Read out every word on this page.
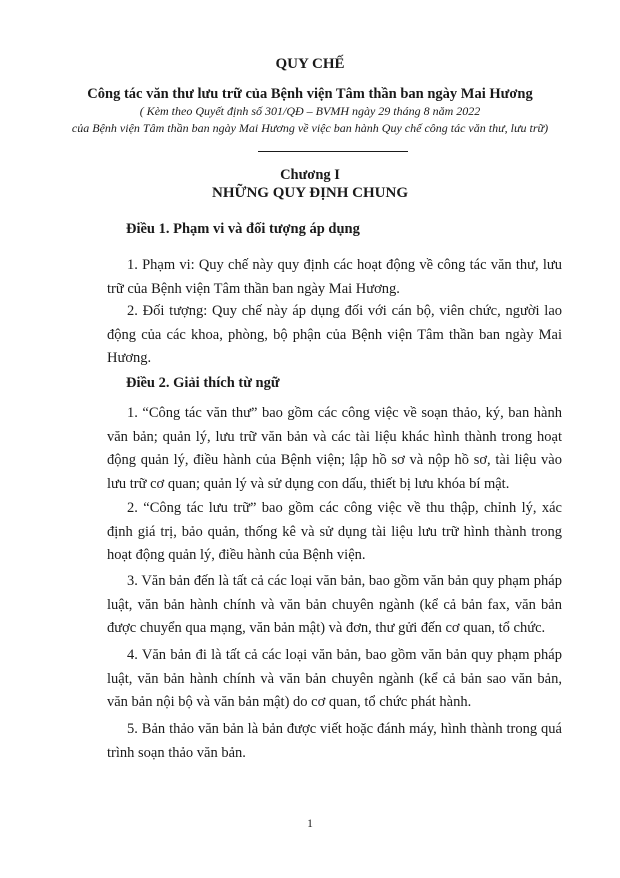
QUY CHẾ
Công tác văn thư lưu trữ của Bệnh viện Tâm thần ban ngày Mai Hương
( Kèm theo Quyết định số 301/QĐ – BVMH ngày 29 tháng 8 năm 2022
của Bệnh viện Tâm thần ban ngày Mai Hương về việc ban hành Quy chế công tác văn thư, lưu trữ)
Chương I
NHỮNG QUY ĐỊNH CHUNG
Điều 1. Phạm vi và đối tượng áp dụng
1. Phạm vi: Quy chế này quy định các hoạt động về công tác văn thư, lưu trữ của Bệnh viện Tâm thần ban ngày Mai Hương.
2. Đối tượng: Quy chế này áp dụng đối với cán bộ, viên chức, người lao động của các khoa, phòng, bộ phận của Bệnh viện Tâm thần ban ngày Mai Hương.
Điều 2. Giải thích từ ngữ
1. “Công tác văn thư” bao gồm các công việc về soạn thảo, ký, ban hành văn bản; quản lý, lưu trữ văn bản và các tài liệu khác hình thành trong hoạt động quản lý, điều hành của Bệnh viện; lập hồ sơ và nộp hồ sơ, tài liệu vào lưu trữ cơ quan; quản lý và sử dụng con dấu, thiết bị lưu khóa bí mật.
2. “Công tác lưu trữ” bao gồm các công việc về thu thập, chỉnh lý, xác định giá trị, bảo quản, thống kê và sử dụng tài liệu lưu trữ hình thành trong hoạt động quản lý, điều hành của Bệnh viện.
3. Văn bản đến là tất cả các loại văn bản, bao gồm văn bản quy phạm pháp luật, văn bản hành chính và văn bản chuyên ngành (kể cả bản fax, văn bản được chuyển qua mạng, văn bản mật) và đơn, thư gửi đến cơ quan, tổ chức.
4. Văn bản đi là tất cả các loại văn bản, bao gồm văn bản quy phạm pháp luật, văn bản hành chính và văn bản chuyên ngành (kể cả bản sao văn bản, văn bản nội bộ và văn bản mật) do cơ quan, tổ chức phát hành.
5. Bản thảo văn bản là bản được viết hoặc đánh máy, hình thành trong quá trình soạn thảo văn bản.
1
